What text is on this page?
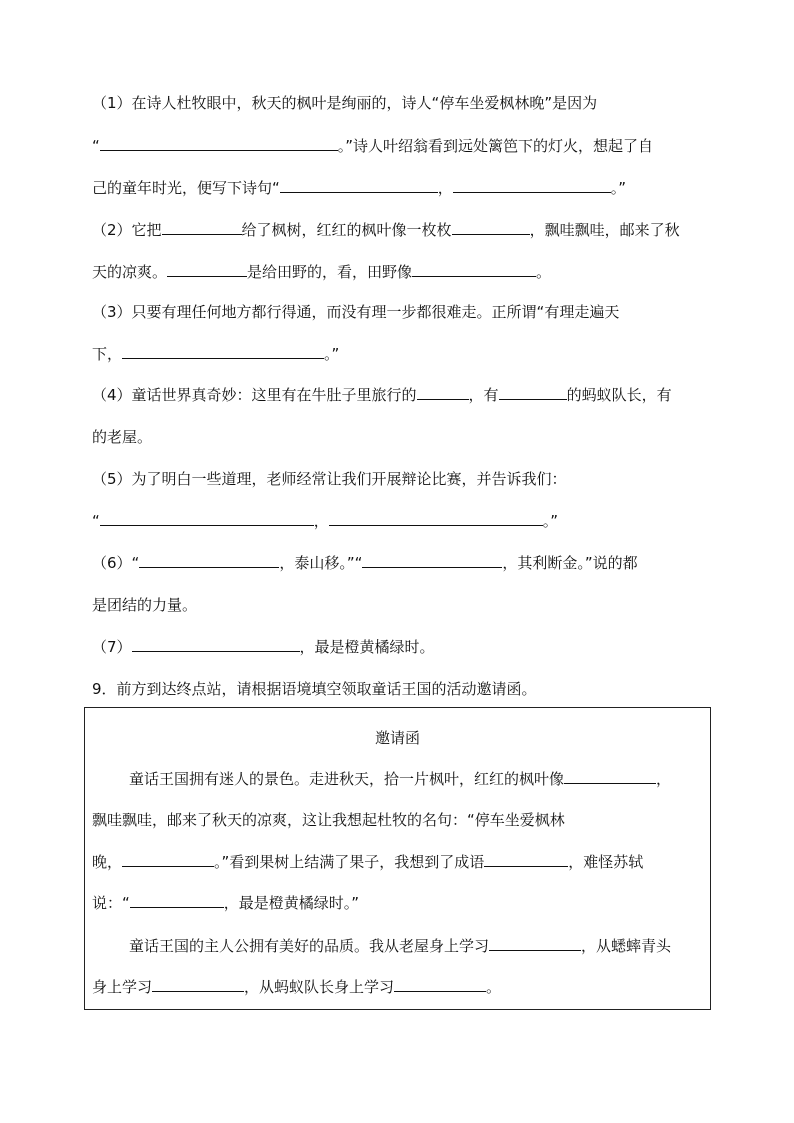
（1）在诗人杜牧眼中，秋天的枫叶是绚丽的，诗人“停车坐爱枫林晚”是因为
“	。”诗人叶绍翁看到远处篱笆下的灯火，想起了自
己的童年时光，便写下诗句“	，	。”
（2）它把	给了枫树，红红的枫叶像一枚枚	，飘哇飘哇，邮来了秋
天的凉爽。	是给田野的，看，田野像	。
（3）只要有理任何地方都行得通，而没有理一步都很难走。正所谓“有理走遍天
下，	。”
（4）童话世界真奇妙：这里有在牛肚子里旅行的	，有	的蚂蚁队长，有
的老屋。
（5）为了明白一些道理，老师经常让我们开展辩论比赛，并告诉我们：
“	，	。”
（6）“	，泰山移。”“	，其利断金。”说的都
是团结的力量。
（7）	，最是橙黄橘绿时。
9．前方到达终点站，请根据语境填空领取童话王国的活动邀请函。
邀请函
童话王国拥有迷人的景色。走进秋天，拾一片枫叶，红红的枫叶像	，
飘哇飘哇，邮来了秋天的凉爽，这让我想起杜牧的名句：“停车坐爱枫林
晚，	。”看到果树上结满了果子，我想到了成语	，难怪苏轼
说：“	，最是橙黄橘绿时。”
童话王国的主人公拥有美好的品质。我从老屋身上学习	，从蟋蟀青头
身上学习	，从蚂蚁队长身上学习	。
